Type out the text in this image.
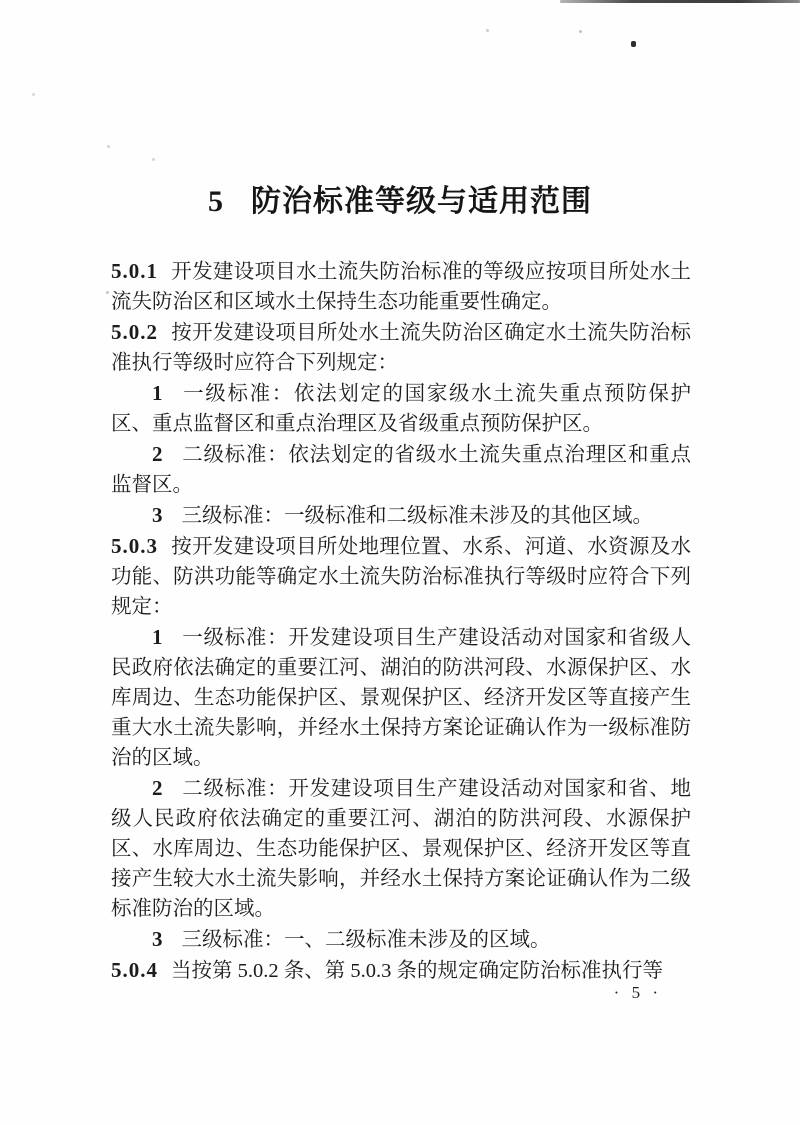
5 防治标准等级与适用范围

5.0.1 开发建设项目水土流失防治标准的等级应按项目所处水土流失防治区和区域水土保持生态功能重要性确定。

5.0.2 按开发建设项目所处水土流失防治区确定水土流失防治标准执行等级时应符合下列规定：

1 一级标准：依法划定的国家级水土流失重点预防保护区、重点监督区和重点治理区及省级重点预防保护区。

2 二级标准：依法划定的省级水土流失重点治理区和重点监督区。

3 三级标准：一级标准和二级标准未涉及的其他区域。

5.0.3 按开发建设项目所处地理位置、水系、河道、水资源及水功能、防洪功能等确定水土流失防治标准执行等级时应符合下列规定：

1 一级标准：开发建设项目生产建设活动对国家和省级人民政府依法确定的重要江河、湖泊的防洪河段、水源保护区、水库周边、生态功能保护区、景观保护区、经济开发区等直接产生重大水土流失影响，并经水土保持方案论证确认作为一级标准防治的区域。

2 二级标准：开发建设项目生产建设活动对国家和省、地级人民政府依法确定的重要江河、湖泊的防洪河段、水源保护区、水库周边、生态功能保护区、景观保护区、经济开发区等直接产生较大水土流失影响，并经水土保持方案论证确认作为二级标准防治的区域。

3 三级标准：一、二级标准未涉及的区域。

5.0.4 当按第 5.0.2 条、第 5.0.3 条的规定确定防治标准执行等

· 5 ·
